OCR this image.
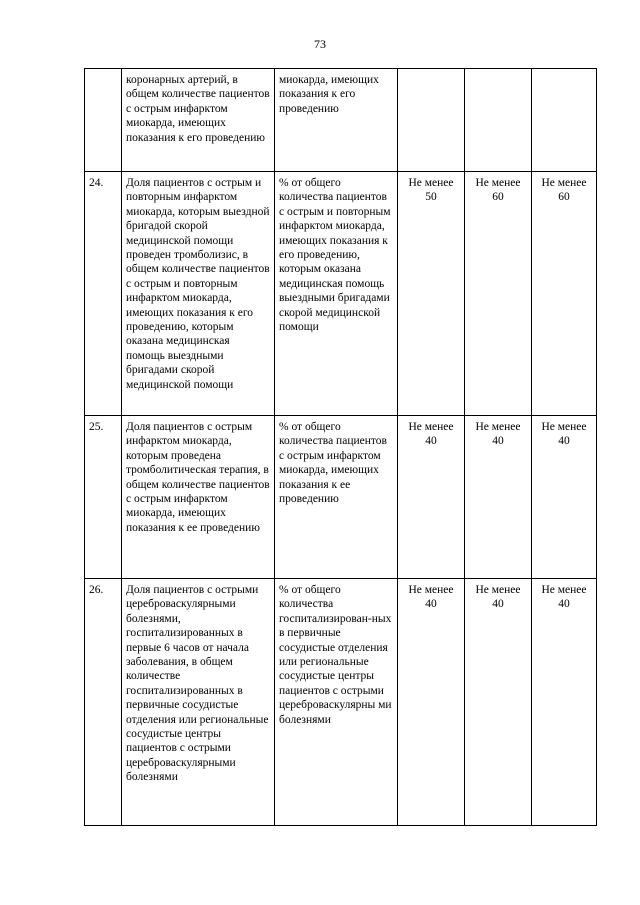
73
	коронарных артерий, в общем количестве пациентов с острым инфарктом миокарда, имеющих показания к его проведению	миокарда, имеющих показания к его проведению			
24.	Доля пациентов с острым и повторным инфарктом миокарда, которым выездной бригадой скорой медицинской помощи проведен тромболизис, в общем количестве пациентов с острым и повторным инфарктом миокарда, имеющих показания к его проведению, которым оказана медицинская помощь выездными бригадами скорой медицинской помощи	% от общего количества пациентов с острым и повторным инфарктом миокарда, имеющих показания к его проведению, которым оказана медицинская помощь выездными бригадами скорой медицинской помощи	Не менее 50	Не менее 60	Не менее 60
25.	Доля пациентов с острым инфарктом миокарда, которым проведена тромболитическая терапия, в общем количестве пациентов с острым инфарктом миокарда, имеющих показания к ее проведению	% от общего количества пациентов с острым инфарктом миокарда, имеющих показания к ее проведению	Не менее 40	Не менее 40	Не менее 40
26.	Доля пациентов с острыми цереброваскулярными болезнями, госпитализированных в первые 6 часов от начала заболевания, в общем количестве госпитализированных в первичные сосудистые отделения или региональные сосудистые центры пациентов с острыми цереброваскулярными болезнями	% от общего количества госпитализирован-ных в первичные сосудистые отделения или региональные сосудистые центры пациентов с острыми цереброваскулярны ми болезнями	Не менее 40	Не менее 40	Не менее 40
